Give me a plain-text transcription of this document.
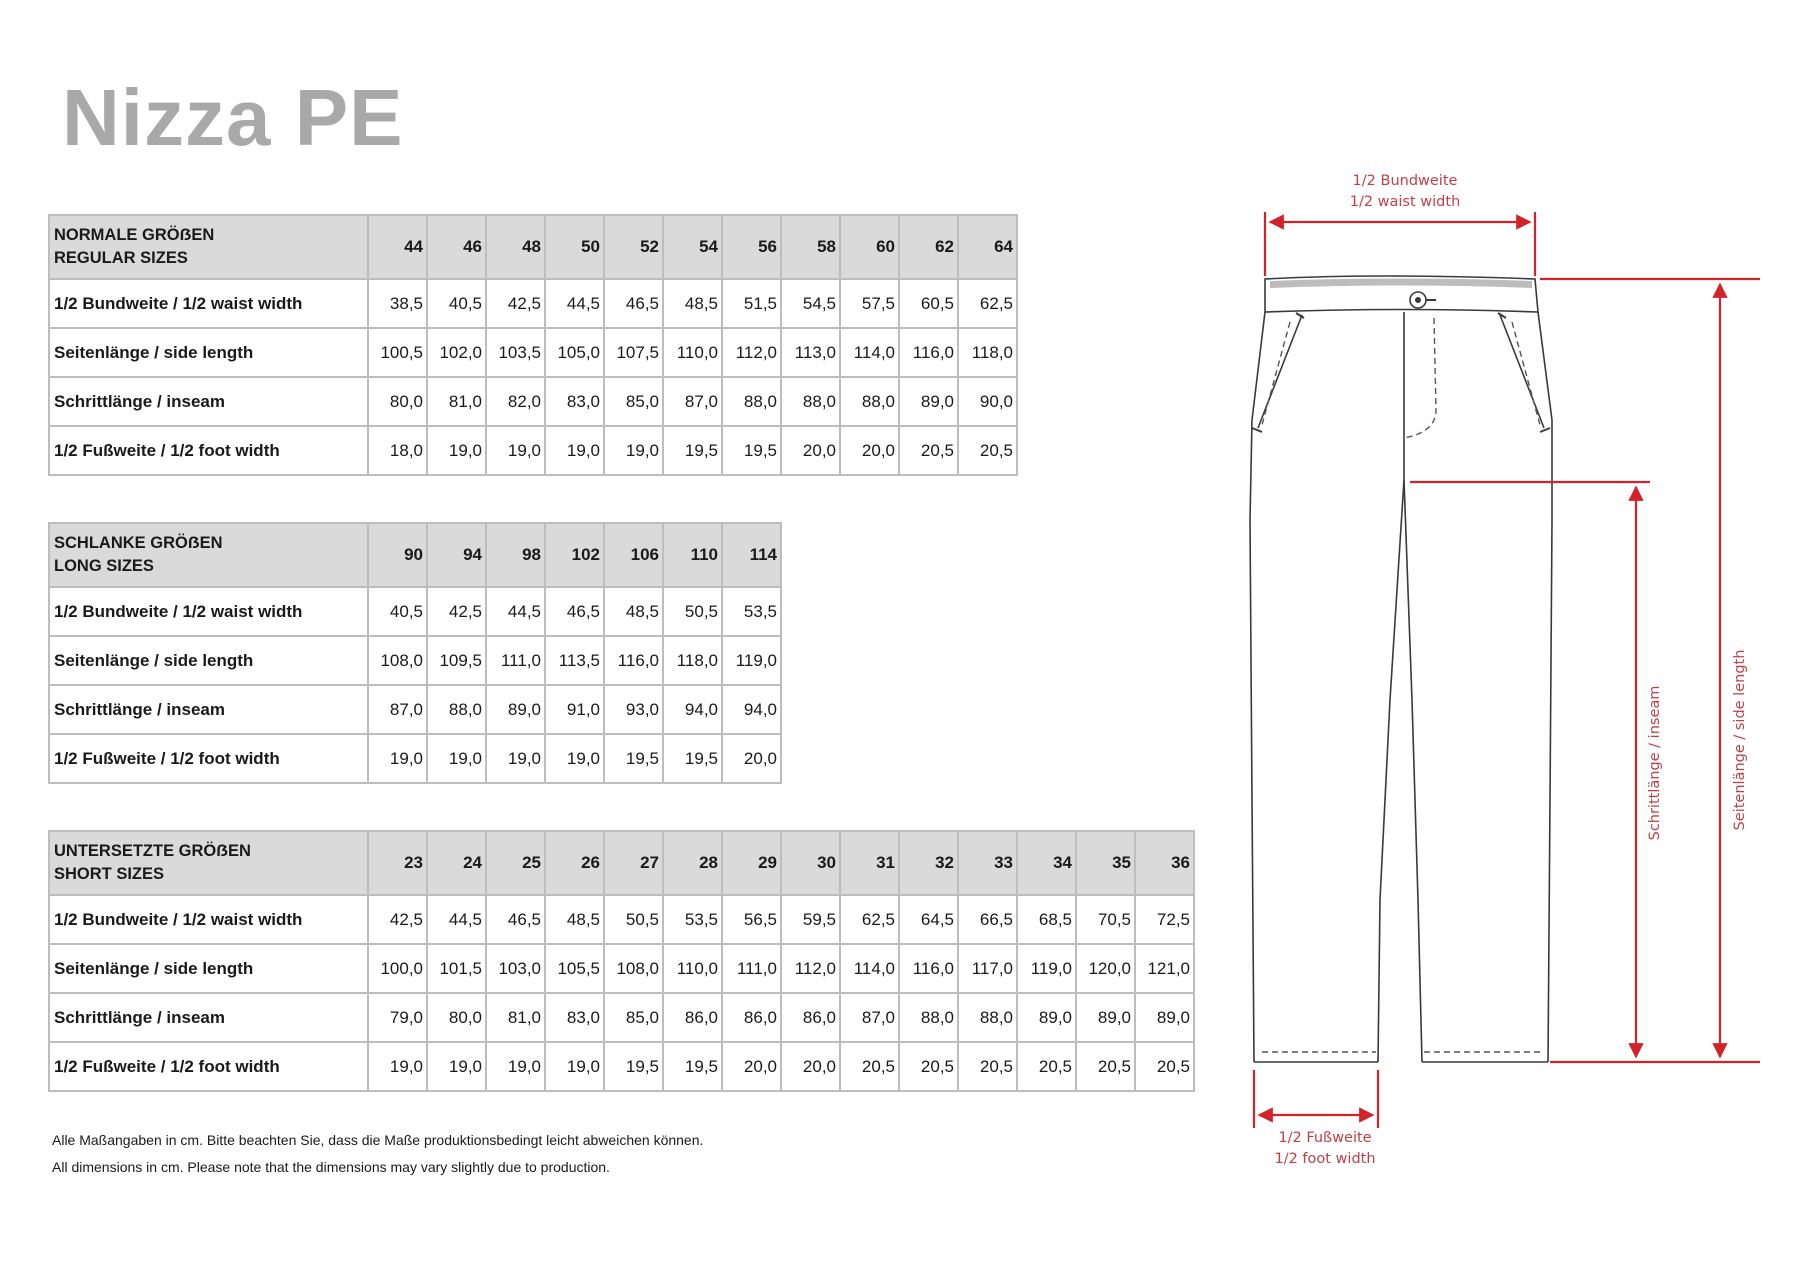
Nizza PE
NORMALE GRÖẞEN
REGULAR SIZES	44	46	48	50	52	54	56	58	60	62	64
1/2 Bundweite / 1/2 waist width	38,5	40,5	42,5	44,5	46,5	48,5	51,5	54,5	57,5	60,5	62,5
Seitenlänge / side length	100,5	102,0	103,5	105,0	107,5	110,0	112,0	113,0	114,0	116,0	118,0
Schrittlänge / inseam	80,0	81,0	82,0	83,0	85,0	87,0	88,0	88,0	88,0	89,0	90,0
1/2 Fußweite / 1/2 foot width	18,0	19,0	19,0	19,0	19,0	19,5	19,5	20,0	20,0	20,5	20,5
SCHLANKE GRÖẞEN
LONG SIZES	90	94	98	102	106	110	114
1/2 Bundweite / 1/2 waist width	40,5	42,5	44,5	46,5	48,5	50,5	53,5
Seitenlänge / side length	108,0	109,5	111,0	113,5	116,0	118,0	119,0
Schrittlänge / inseam	87,0	88,0	89,0	91,0	93,0	94,0	94,0
1/2 Fußweite / 1/2 foot width	19,0	19,0	19,0	19,0	19,5	19,5	20,0
UNTERSETZTE GRÖẞEN
SHORT SIZES	23	24	25	26	27	28	29	30	31	32	33	34	35	36
1/2 Bundweite / 1/2 waist width	42,5	44,5	46,5	48,5	50,5	53,5	56,5	59,5	62,5	64,5	66,5	68,5	70,5	72,5
Seitenlänge / side length	100,0	101,5	103,0	105,5	108,0	110,0	111,0	112,0	114,0	116,0	117,0	119,0	120,0	121,0
Schrittlänge / inseam	79,0	80,0	81,0	83,0	85,0	86,0	86,0	86,0	87,0	88,0	88,0	89,0	89,0	89,0
1/2 Fußweite / 1/2 foot width	19,0	19,0	19,0	19,0	19,5	19,5	20,0	20,0	20,5	20,5	20,5	20,5	20,5	20,5
Alle Maßangaben in cm. Bitte beachten Sie, dass die Maße produktionsbedingt leicht abweichen können.
All dimensions in cm. Please note that the dimensions may vary slightly due to production.
1/2 Bundweite
1/2 waist width
1/2 Fußweite
1/2 foot width
Schrittlänge / inseam	Seitenlänge / side length
